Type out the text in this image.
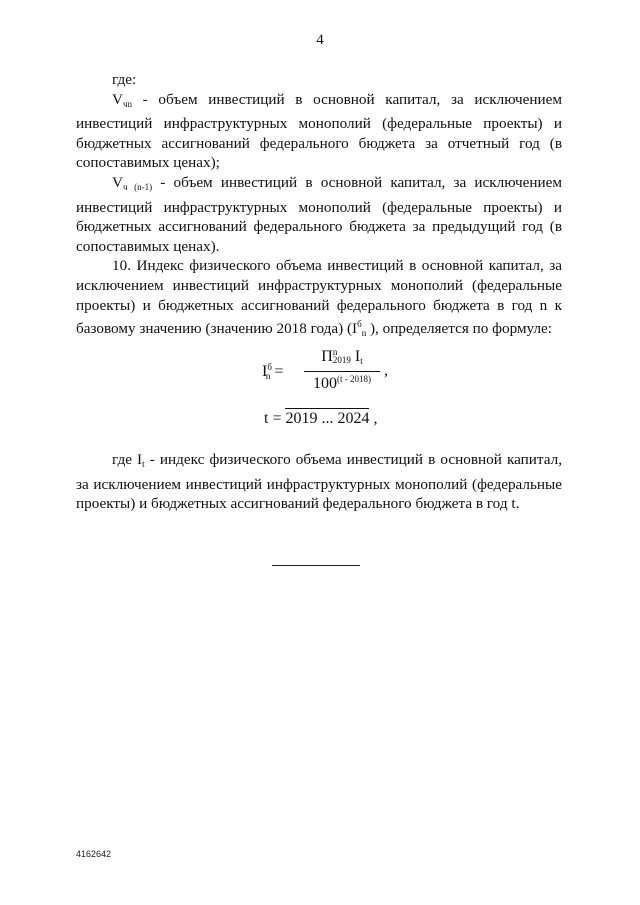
4

где:

$V_{чn}$ - объем инвестиций в основной капитал, за исключением инвестиций инфраструктурных монополий (федеральные проекты) и бюджетных ассигнований федерального бюджета за отчетный год (в сопоставимых ценах);

$V_{ч (n-1)}$ - объем инвестиций в основной капитал, за исключением инвестиций инфраструктурных монополий (федеральные проекты) и бюджетных ассигнований федерального бюджета за предыдущий год (в сопоставимых ценах).

10. Индекс физического объема инвестиций в основной капитал, за исключением инвестиций инфраструктурных монополий (федеральные проекты) и бюджетных ассигнований федерального бюджета в год n к базовому значению (значению 2018 года) ($I^б_n$ ), определяется по формуле:

$I^б_n$ =
П n
2019 $I_t$
$100^{(t - 2018)}$ ,
t = 2019 ... 2024 ,

где $I_t$ - индекс физического объема инвестиций в основной капитал, за исключением инвестиций инфраструктурных монополий (федеральные проекты) и бюджетных ассигнований федерального бюджета в год t.

4162642
